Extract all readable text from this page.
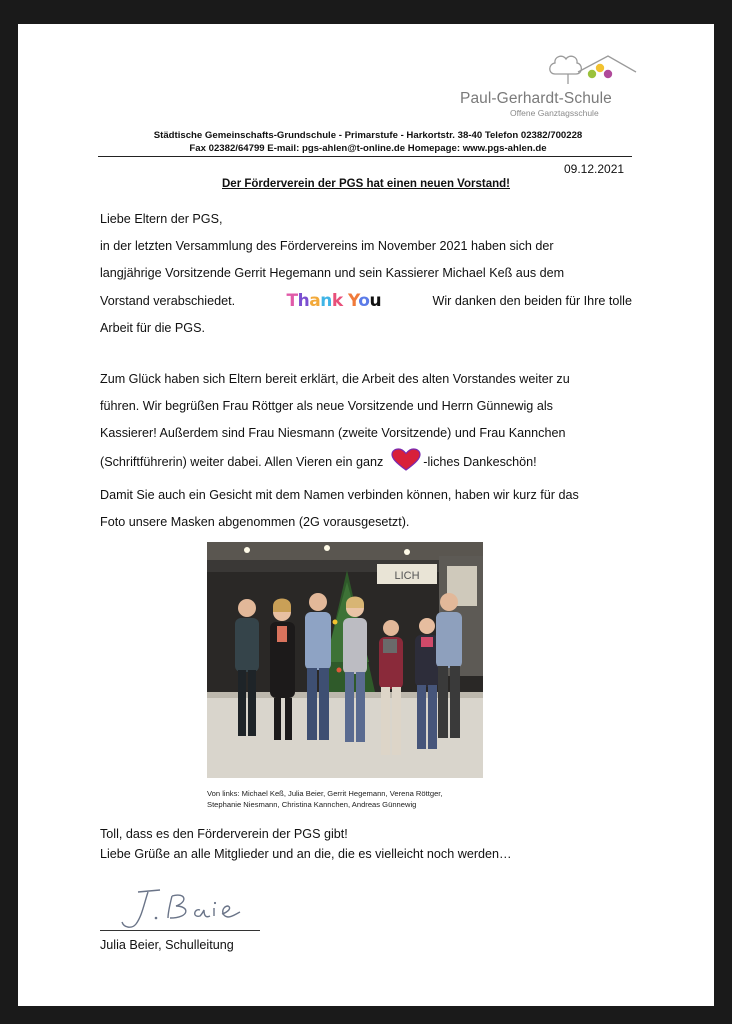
Paul-Gerhardt-Schule
Offene Ganztagsschule
Städtische Gemeinschafts-Grundschule - Primarstufe - Harkortstr. 38-40 Telefon 02382/700228
Fax 02382/64799 E-mail: pgs-ahlen@t-online.de Homepage: www.pgs-ahlen.de
09.12.2021
Der Förderverein der PGS hat einen neuen Vorstand!
Liebe Eltern der PGS,
in der letzten Versammlung des Fördervereins im November 2021 haben sich der
langjährige Vorsitzende Gerrit Hegemann und sein Kassierer Michael Keß aus dem
Vorstand verabschiedet.	Thank You	Wir danken den beiden für Ihre tolle
Arbeit für die PGS.
Zum Glück haben sich Eltern bereit erklärt, die Arbeit des alten Vorstandes weiter zu
führen. Wir begrüßen Frau Röttger als neue Vorsitzende und Herrn Günnewig als
Kassierer! Außerdem sind Frau Niesmann (zweite Vorsitzende) und Frau Kannchen
(Schriftführerin) weiter dabei. Allen Vieren ein ganz	-liches Dankeschön!
Damit Sie auch ein Gesicht mit dem Namen verbinden können, haben wir kurz für das
Foto unsere Masken abgenommen (2G vorausgesetzt).
LICH
Von links: Michael Keß, Julia Beier, Gerrit Hegemann, Verena Röttger,
Stephanie Niesmann, Christina Kannchen, Andreas Günnewig
Toll, dass es den Förderverein der PGS gibt!
Liebe Grüße an alle Mitglieder und an die, die es vielleicht noch werden…
Julia Beier, Schulleitung
